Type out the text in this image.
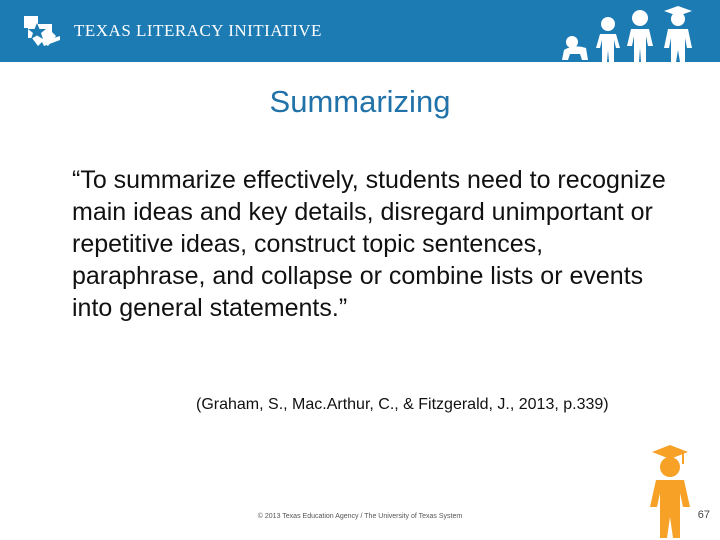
TEXAS LITERACY INITIATIVE
Summarizing
“To summarize effectively, students need to recognize main ideas and key details, disregard unimportant or repetitive ideas, construct topic sentences, paraphrase, and collapse or combine lists or events into general statements.”
(Graham, S., Mac.Arthur, C., & Fitzgerald, J., 2013, p.339)
© 2013 Texas Education Agency / The University of Texas System	67
